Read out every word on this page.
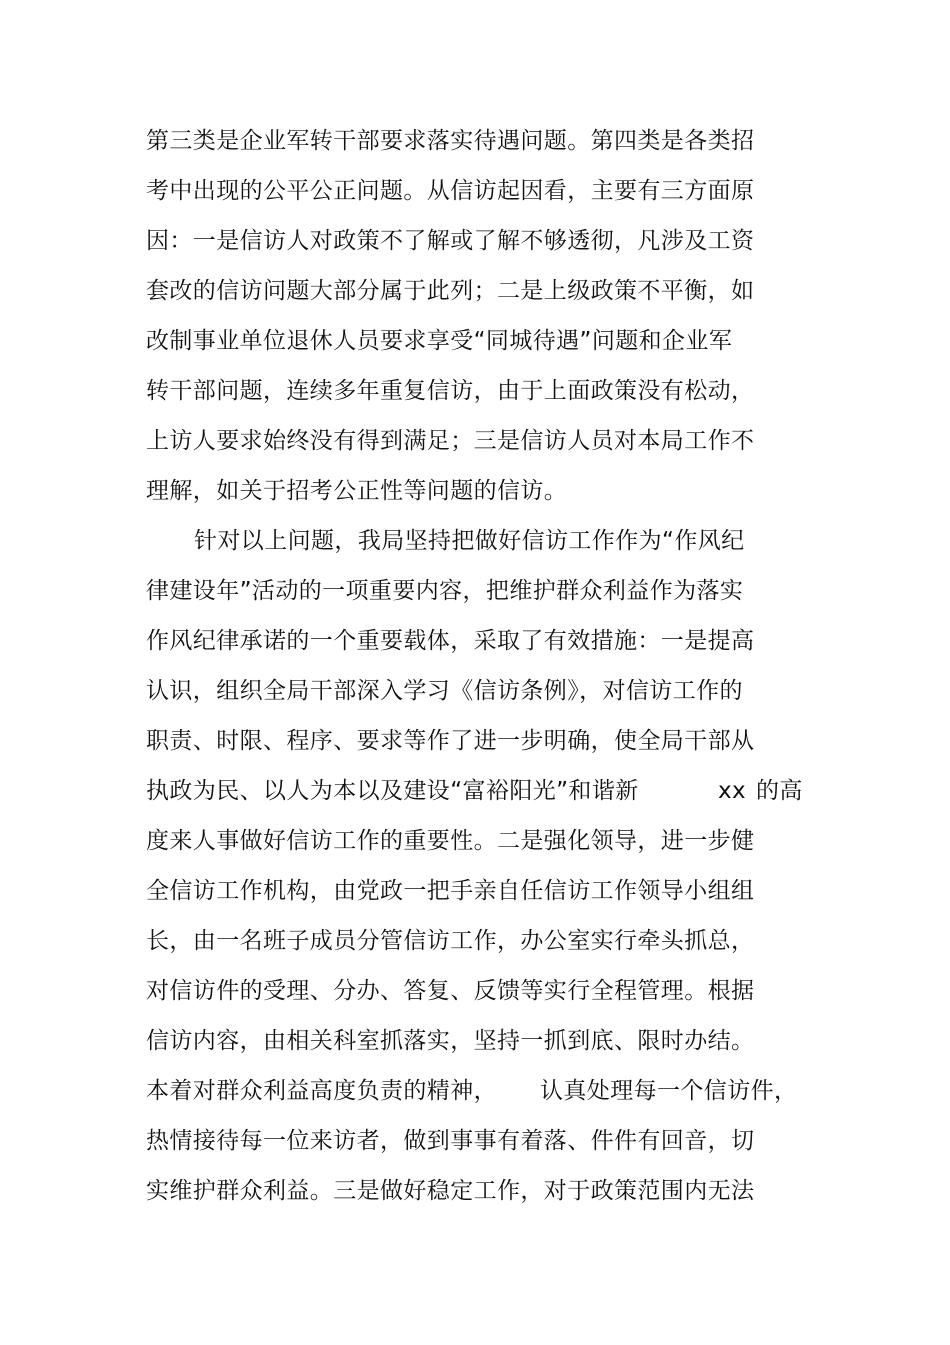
第三类是企业军转干部要求落实待遇问题。第四类是各类招
考中出现的公平公正问题。从信访起因看，主要有三方面原
因：一是信访人对政策不了解或了解不够透彻，凡涉及工资
套改的信访问题大部分属于此列；二是上级政策不平衡，如
改制事业单位退休人员要求享受“同城待遇”问题和企业军
转干部问题，连续多年重复信访，由于上面政策没有松动，
上访人要求始终没有得到满足；三是信访人员对本局工作不
理解，如关于招考公正性等问题的信访。
针对以上问题，我局坚持把做好信访工作作为“作风纪
律建设年”活动的一项重要内容，把维护群众利益作为落实
作风纪律承诺的一个重要载体，采取了有效措施：一是提高
认识，组织全局干部深入学习《信访条例》，对信访工作的
职责、时限、程序、要求等作了进一步明确，使全局干部从
执政为民、以人为本以及建设“富裕阳光”和谐新	xx 的高
度来人事做好信访工作的重要性。二是强化领导，进一步健
全信访工作机构，由党政一把手亲自任信访工作领导小组组
长，由一名班子成员分管信访工作，办公室实行牵头抓总，
对信访件的受理、分办、答复、反馈等实行全程管理。根据
信访内容，由相关科室抓落实，坚持一抓到底、限时办结。
本着对群众利益高度负责的精神， 认真处理每一个信访件，
热情接待每一位来访者，做到事事有着落、件件有回音，切
实维护群众利益。三是做好稳定工作，对于政策范围内无法
